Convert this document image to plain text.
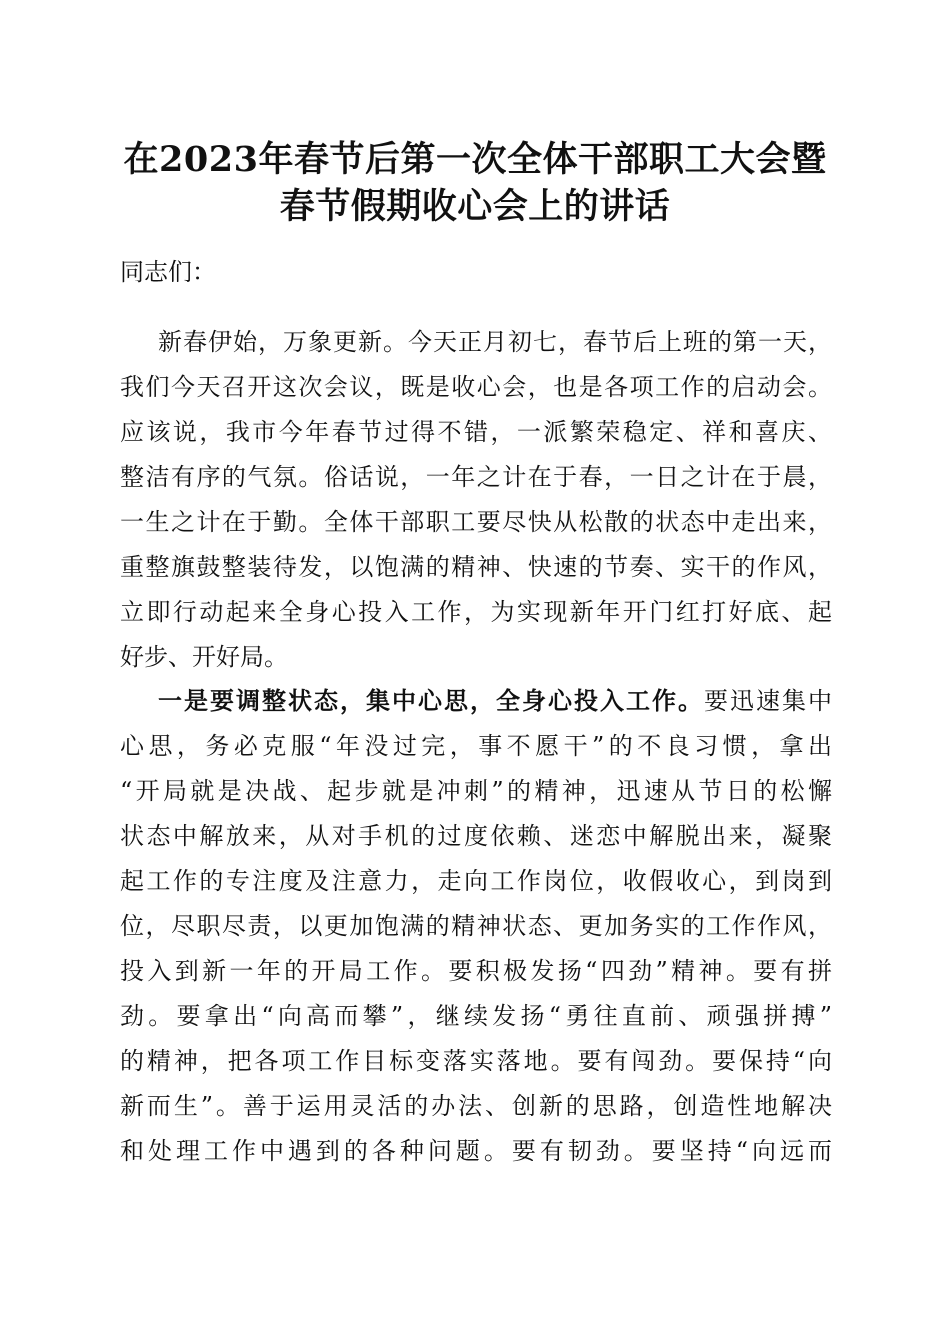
在2023年春节后第一次全体干部职工大会暨
春节假期收心会上的讲话
同志们：
新春伊始，万象更新。今天正月初七，春节后上班的第一天，
我们今天召开这次会议，既是收心会，也是各项工作的启动会。
应该说，我市今年春节过得不错，一派繁荣稳定、祥和喜庆、
整洁有序的气氛。俗话说，一年之计在于春，一日之计在于晨，
一生之计在于勤。全体干部职工要尽快从松散的状态中走出来，
重整旗鼓整装待发，以饱满的精神、快速的节奏、实干的作风，
立即行动起来全身心投入工作，为实现新年开门红打好底、起
好步、开好局。
一是要调整状态，集中心思，全身心投入工作。要迅速集中
心思，务必克服“年没过完，事不愿干”的不良习惯，拿出
“开局就是决战、起步就是冲刺”的精神，迅速从节日的松懈
状态中解放来，从对手机的过度依赖、迷恋中解脱出来，凝聚
起工作的专注度及注意力，走向工作岗位，收假收心，到岗到
位，尽职尽责，以更加饱满的精神状态、更加务实的工作作风，
投入到新一年的开局工作。要积极发扬“四劲”精神。要有拼
劲。要拿出“向高而攀”，继续发扬“勇往直前、顽强拼搏”
的精神，把各项工作目标变落实落地。要有闯劲。要保持“向
新而生”。善于运用灵活的办法、创新的思路，创造性地解决
和处理工作中遇到的各种问题。要有韧劲。要坚持“向远而
